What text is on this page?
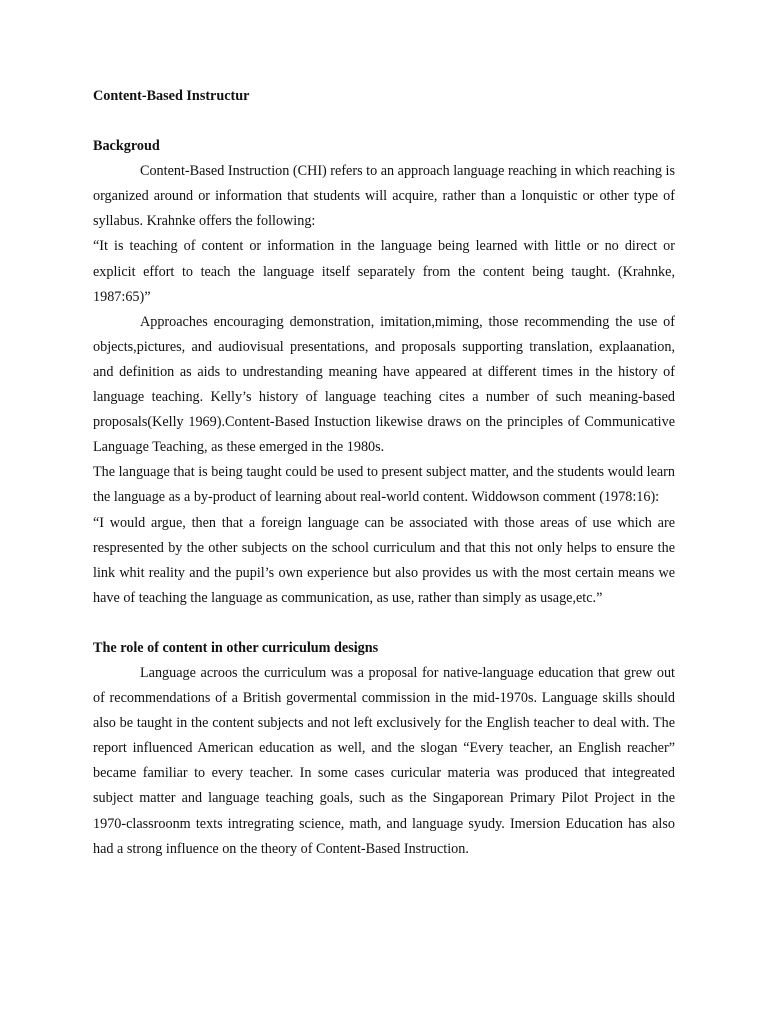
Content-Based Instructur
Backgroud

Content-Based Instruction (CHI) refers to an approach language reaching in which reaching is organized around or information that students will acquire, rather than a lonquistic or other type of syllabus. Krahnke offers the following:

“It is teaching of content or information in the language being learned with little or no direct or explicit effort to teach the language itself separately from the content being taught. (Krahnke, 1987:65)”

Approaches encouraging demonstration, imitation,miming, those recommending the use of objects,pictures, and audiovisual presentations, and proposals supporting translation, explaanation, and definition as aids to undrestanding meaning have appeared at different times in the history of language teaching. Kelly’s history of language teaching cites a number of such meaning-based proposals(Kelly 1969).Content-Based Instuction likewise draws on the principles of Communicative Language Teaching, as these emerged in the 1980s.

The language that is being taught could be used to present subject matter, and the students would learn the language as a by-product of learning about real-world content. Widdowson comment (1978:16):

“I would argue, then that a foreign language can be associated with those areas of use which are respresented by the other subjects on the school curriculum and that this not only helps to ensure the link whit reality and the pupil’s own experience but also provides us with the most certain means we have of teaching the language as communication, as use, rather than simply as usage,etc.”

The role of content in other curriculum designs

Language acroos the curriculum was a proposal for native-language education that grew out of recommendations of a British govermental commission in the mid-1970s. Language skills should also be taught in the content subjects and not left exclusively for the English teacher to deal with. The report influenced American education as well, and the slogan “Every teacher, an English reacher” became familiar to every teacher. In some cases curicular materia was produced that integreated subject matter and language teaching goals, such as the Singaporean Primary Pilot Project in the 1970-classroonm texts intregrating science, math, and language syudy. Imersion Education has also had a strong influence on the theory of Content-Based Instruction.
